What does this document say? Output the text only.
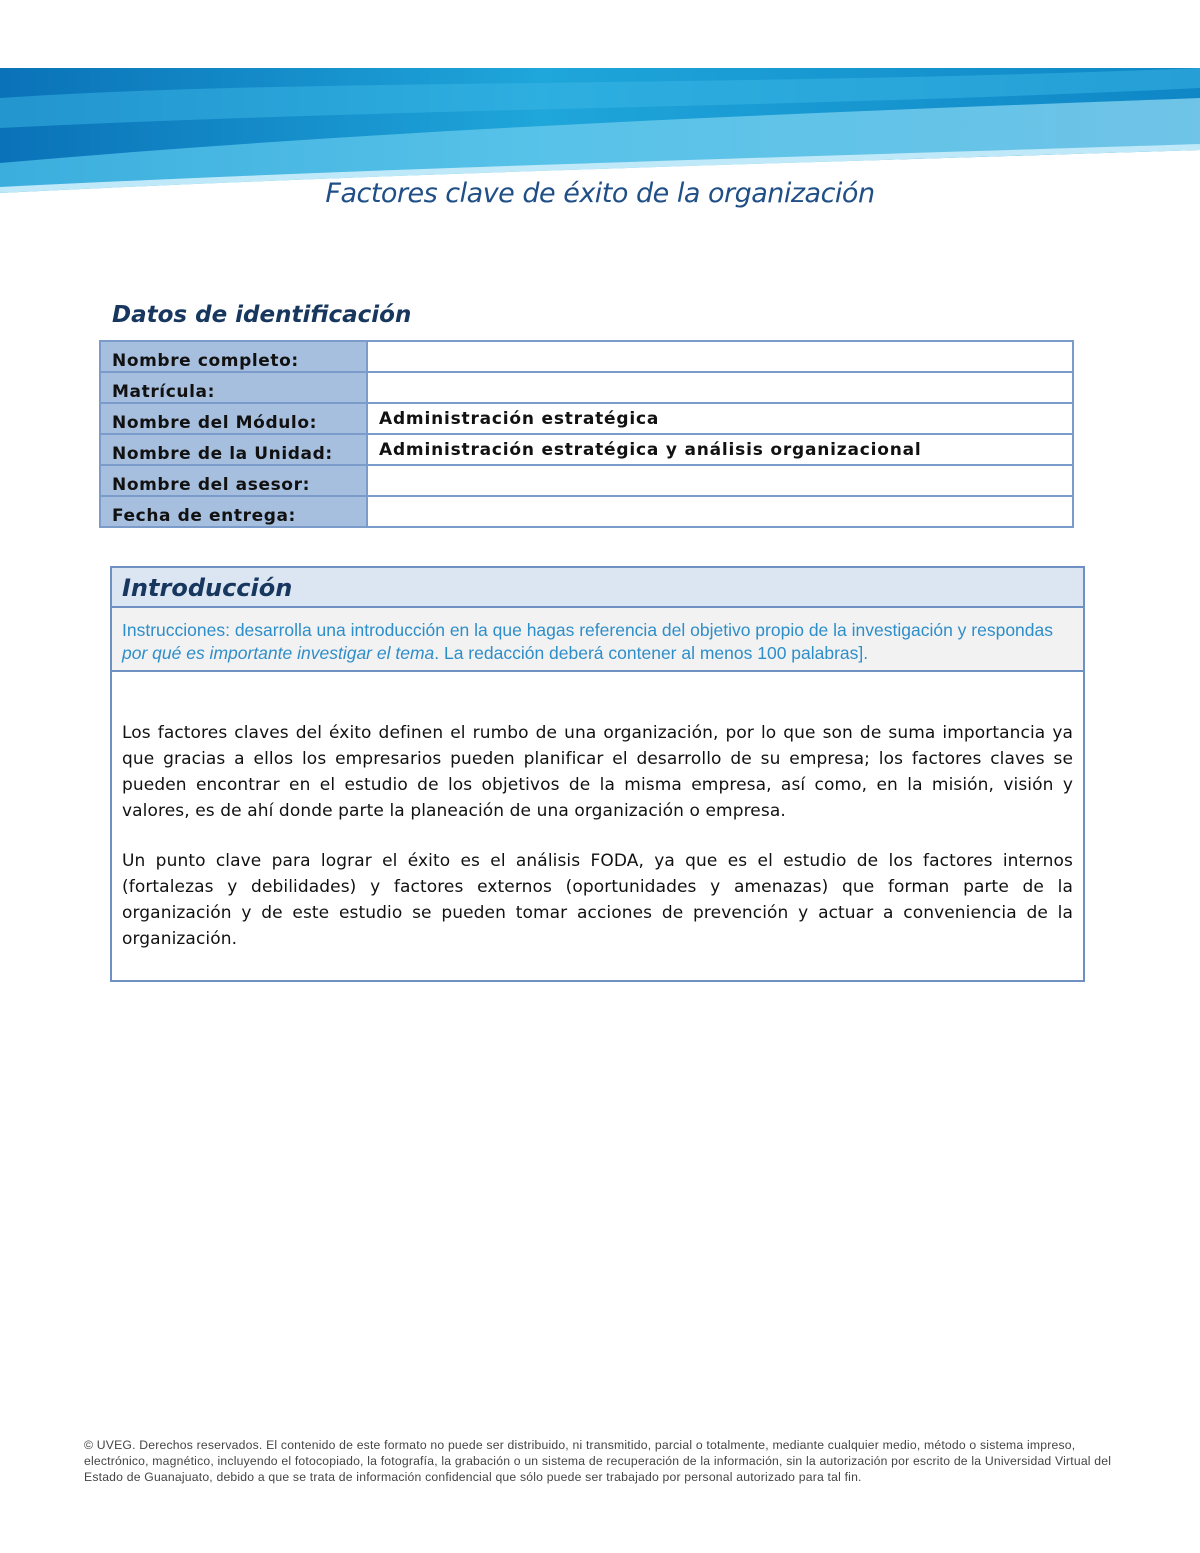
Factores clave de éxito de la organización
Datos de identificación
Nombre completo:	
Matrícula:	
Nombre del Módulo:	Administración estratégica
Nombre de la Unidad:	Administración estratégica y análisis organizacional
Nombre del asesor:	
Fecha de entrega:	
Introducción
Instrucciones: desarrolla una introducción en la que hagas referencia del objetivo propio de la investigación y respondas por qué es importante investigar el tema. La redacción deberá contener al menos 100 palabras].

Los factores claves del éxito definen el rumbo de una organización, por lo que son de suma importancia ya que gracias a ellos los empresarios pueden planificar el desarrollo de su empresa; los factores claves se pueden encontrar en el estudio de los objetivos de la misma empresa, así como, en la misión, visión y valores, es de ahí donde parte la planeación de una organización o empresa.

Un punto clave para lograr el éxito es el análisis FODA, ya que es el estudio de los factores internos (fortalezas y debilidades) y factores externos (oportunidades y amenazas) que forman parte de la organización y de este estudio se pueden tomar acciones de prevención y actuar a conveniencia de la organización.

© UVEG. Derechos reservados. El contenido de este formato no puede ser distribuido, ni transmitido, parcial o totalmente, mediante cualquier medio, método o sistema impreso, electrónico, magnético, incluyendo el fotocopiado, la fotografía, la grabación o un sistema de recuperación de la información, sin la autorización por escrito de la Universidad Virtual del Estado de Guanajuato, debido a que se trata de información confidencial que sólo puede ser trabajado por personal autorizado para tal fin.
